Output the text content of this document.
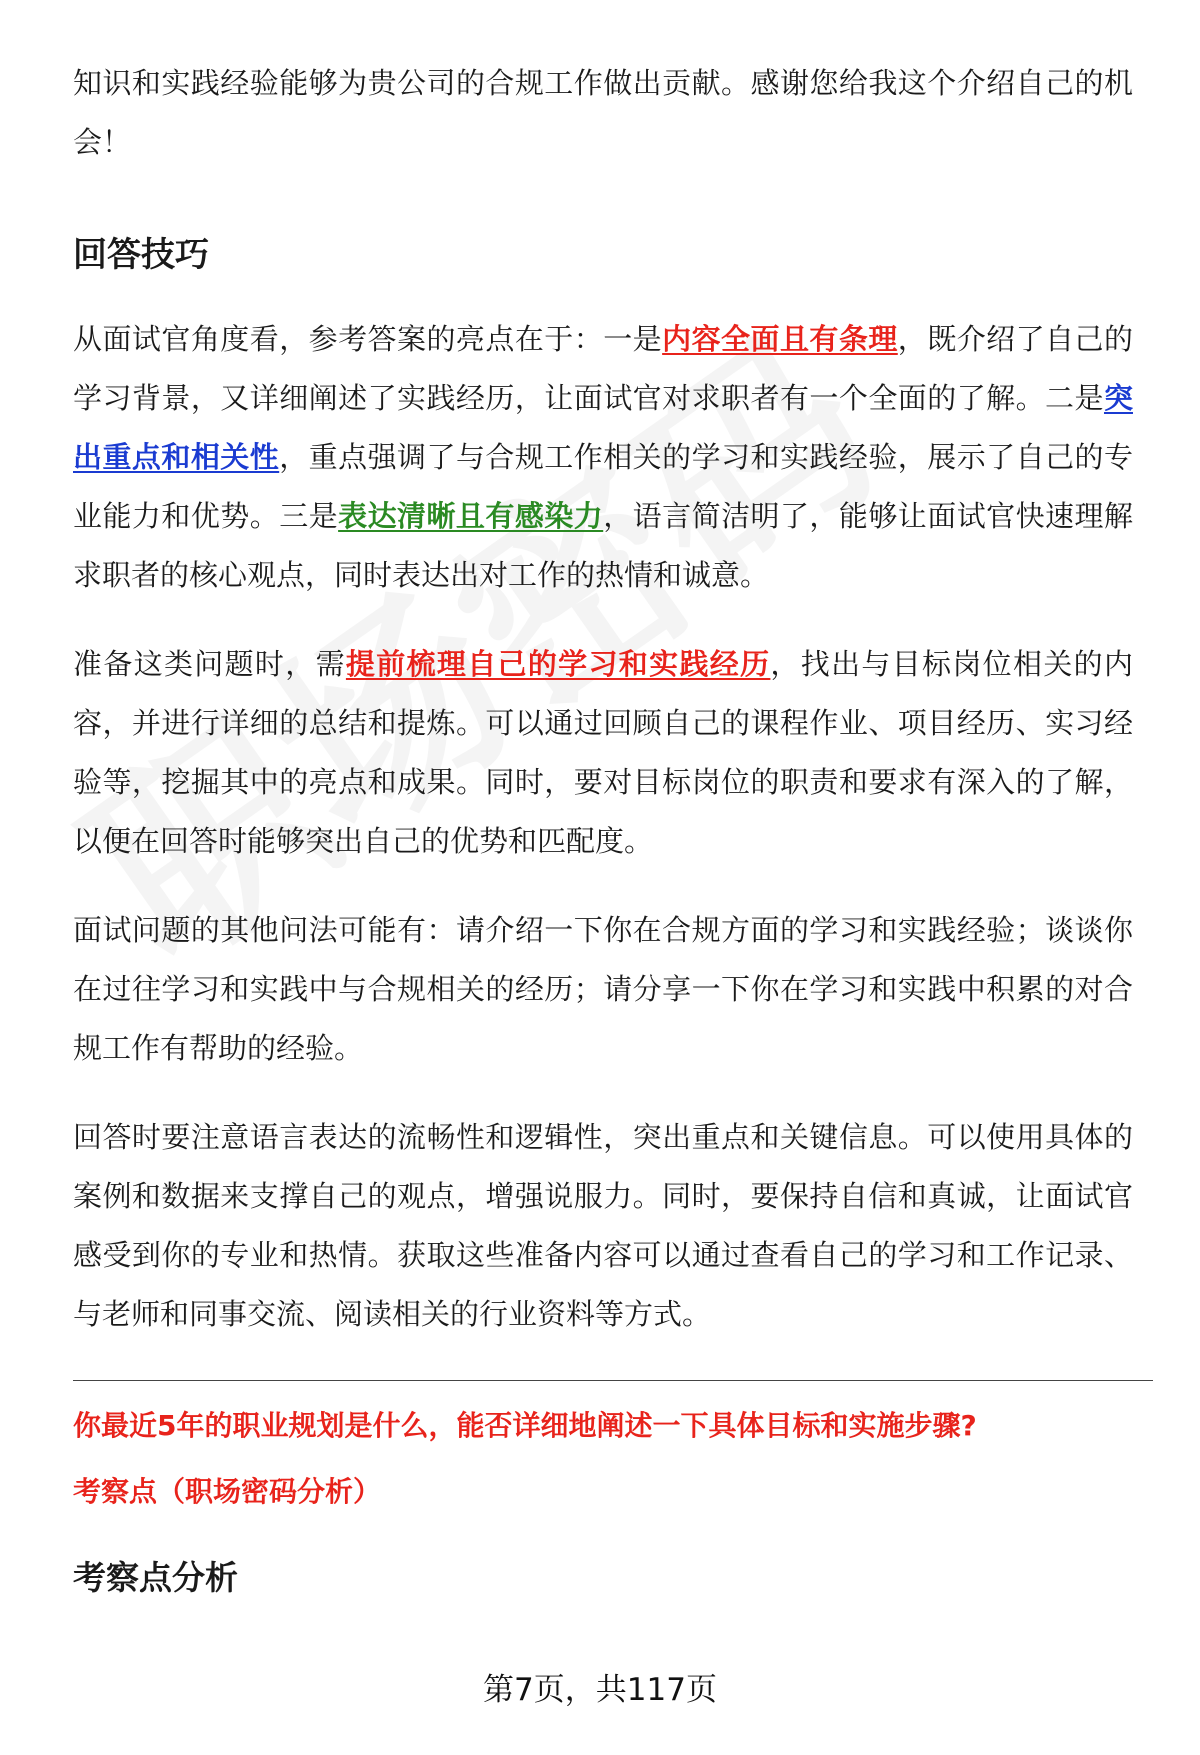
知识和实践经验能够为贵公司的合规工作做出贡献。感谢您给我这个介绍自己的机会！

回答技巧

从面试官角度看，参考答案的亮点在于：一是内容全面且有条理，既介绍了自己的学习背景，又详细阐述了实践经历，让面试官对求职者有一个全面的了解。二是突出重点和相关性，重点强调了与合规工作相关的学习和实践经验，展示了自己的专业能力和优势。三是表达清晰且有感染力，语言简洁明了，能够让面试官快速理解求职者的核心观点，同时表达出对工作的热情和诚意。

准备这类问题时，需提前梳理自己的学习和实践经历，找出与目标岗位相关的内容，并进行详细的总结和提炼。可以通过回顾自己的课程作业、项目经历、实习经验等，挖掘其中的亮点和成果。同时，要对目标岗位的职责和要求有深入的了解，以便在回答时能够突出自己的优势和匹配度。

面试问题的其他问法可能有：请介绍一下你在合规方面的学习和实践经验；谈谈你在过往学习和实践中与合规相关的经历；请分享一下你在学习和实践中积累的对合规工作有帮助的经验。

回答时要注意语言表达的流畅性和逻辑性，突出重点和关键信息。可以使用具体的案例和数据来支撑自己的观点，增强说服力。同时，要保持自信和真诚，让面试官感受到你的专业和热情。获取这些准备内容可以通过查看自己的学习和工作记录、与老师和同事交流、阅读相关的行业资料等方式。

你最近5年的职业规划是什么，能否详细地阐述一下具体目标和实施步骤?
考察点（职场密码分析）
考察点分析
第7页，共117页
